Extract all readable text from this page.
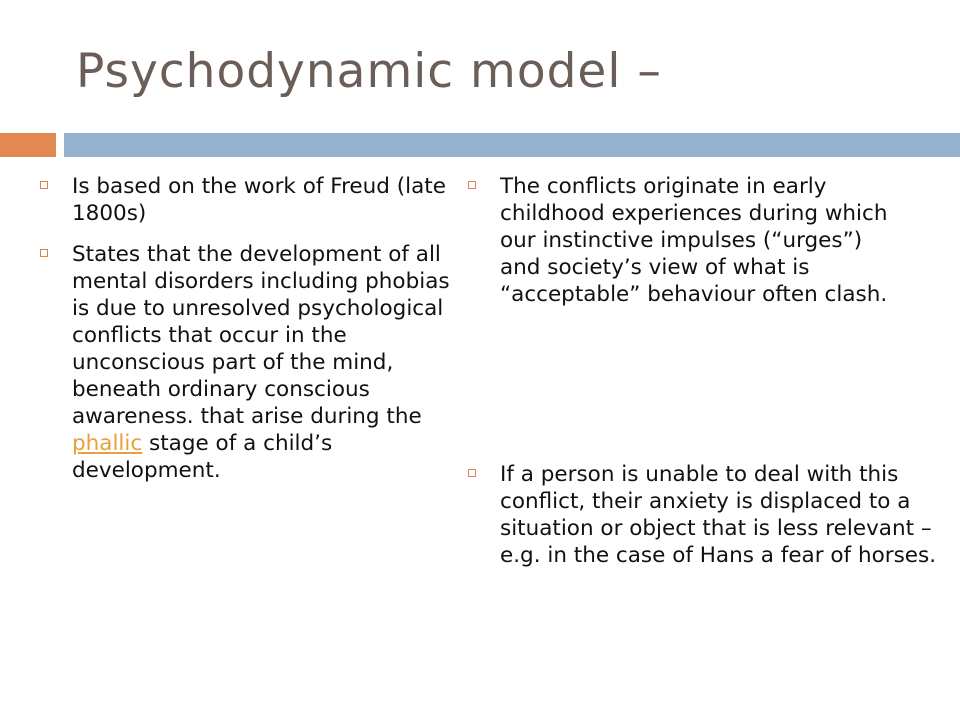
Psychodynamic model –
Is based on the work of Freud (late 1800s)
States that the development of all mental disorders including phobias is due to unresolved psychological conflicts that occur in the unconscious part of the mind, beneath ordinary conscious awareness. that arise during the phallic stage of a child’s development.
The conflicts originate in early childhood experiences during which our instinctive impulses (“urges”) and society’s view of what is “acceptable” behaviour often clash.
If a person is unable to deal with this conflict, their anxiety is displaced to a situation or object that is less relevant – e.g. in the case of Hans a fear of horses.
